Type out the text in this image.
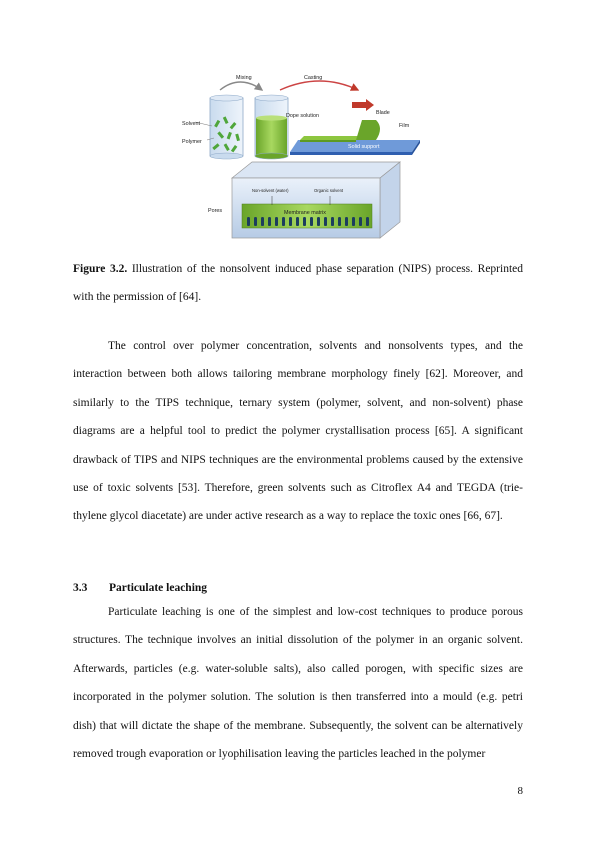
Mixing	Casting
Solvent
Polymer
Dope solution	Blade
Film
Solid support
Non-solvent (water)	Organic solvent
Membrane matrix
Pores

Figure 3.2. Illustration of the nonsolvent induced phase separation (NIPS) process. Reprinted with the permission of [64].

The control over polymer concentration, solvents and nonsolvents types, and the interaction between both allows tailoring membrane morphology finely [62]. Moreover, and similarly to the TIPS technique, ternary system (polymer, solvent, and non-solvent) phase diagrams are a helpful tool to predict the polymer crystallisation process [65]. A significant drawback of TIPS and NIPS techniques are the environmental problems caused by the extensive use of toxic solvents [53]. Therefore, green solvents such as Citroflex A4 and TEGDA (trie- thylene glycol diacetate) are under active research as a way to replace the toxic ones [66, 67].

3.3 Particulate leaching

Particulate leaching is one of the simplest and low-cost techniques to produce porous structures. The technique involves an initial dissolution of the polymer in an organic solvent. Afterwards, particles (e.g. water-soluble salts), also called porogen, with specific sizes are incorporated in the polymer solution. The solution is then transferred into a mould (e.g. petri dish) that will dictate the shape of the membrane. Subsequently, the solvent can be alternatively removed trough evaporation or lyophilisation leaving the particles leached in the polymer

8
